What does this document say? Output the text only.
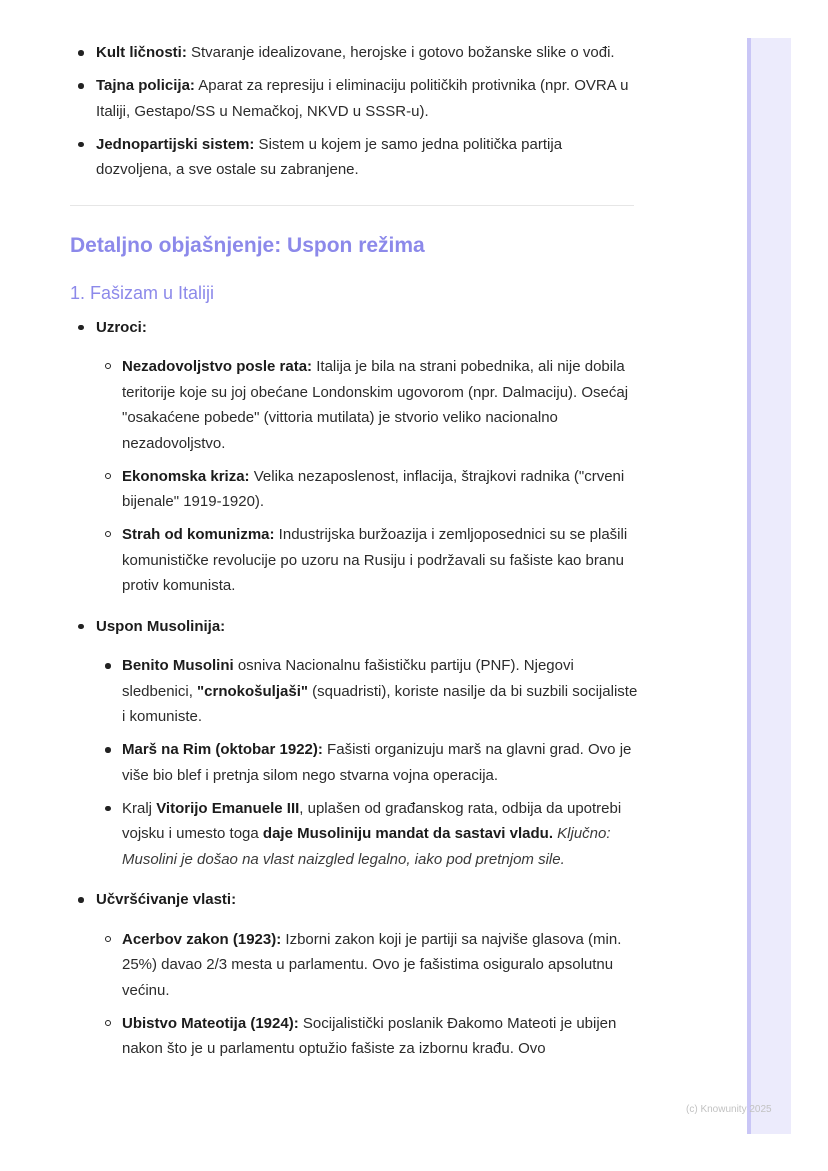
(c) Knowunity 2025
Kult ličnosti: Stvaranje idealizovane, herojske i gotovo božanske slike o vođi.
Tajna policija: Aparat za represiju i eliminaciju političkih protivnika (npr. OVRA u Italiji, Gestapo/SS u Nemačkoj, NKVD u SSSR-u).
Jednopartijski sistem: Sistem u kojem je samo jedna politička partija dozvoljena, a sve ostale su zabranjene.
Detaljno objašnjenje: Uspon režima
1. Fašizam u Italiji
Uzroci:
Nezadovoljstvo posle rata: Italija je bila na strani pobednika, ali nije dobila teritorije koje su joj obećane Londonskim ugovorom (npr. Dalmaciju). Osećaj "osakaćene pobede" (vittoria mutilata) je stvorio veliko nacionalno nezadovoljstvo.
Ekonomska kriza: Velika nezaposlenost, inflacija, štrajkovi radnika ("crveni bijenale" 1919-1920).
Strah od komunizma: Industrijska buržoazija i zemljoposednici su se plašili komunističke revolucije po uzoru na Rusiju i podržavali su fašiste kao branu protiv komunista.
Uspon Musolinija:
Benito Musolini osniva Nacionalnu fašističku partiju (PNF). Njegovi sledbenici, "crnokošuljaši" (squadristi), koriste nasilje da bi suzbili socijaliste i komuniste.
Marš na Rim (oktobar 1922): Fašisti organizuju marš na glavni grad. Ovo je više bio blef i pretnja silom nego stvarna vojna operacija.
Kralj Vitorijo Emanuele III, uplašen od građanskog rata, odbija da upotrebi vojsku i umesto toga daje Musoliniju mandat da sastavi vladu. Ključno: Musolini je došao na vlast naizgled legalno, iako pod pretnjom sile.
Učvršćivanje vlasti:
Acerbov zakon (1923): Izborni zakon koji je partiji sa najviše glasova (min. 25%) davao 2/3 mesta u parlamentu. Ovo je fašistima osiguralo apsolutnu većinu.
Ubistvo Mateotija (1924): Socijalistički poslanik Đakomo Mateoti je ubijen nakon što je u parlamentu optužio fašiste za izbornu krađu. Ovo
